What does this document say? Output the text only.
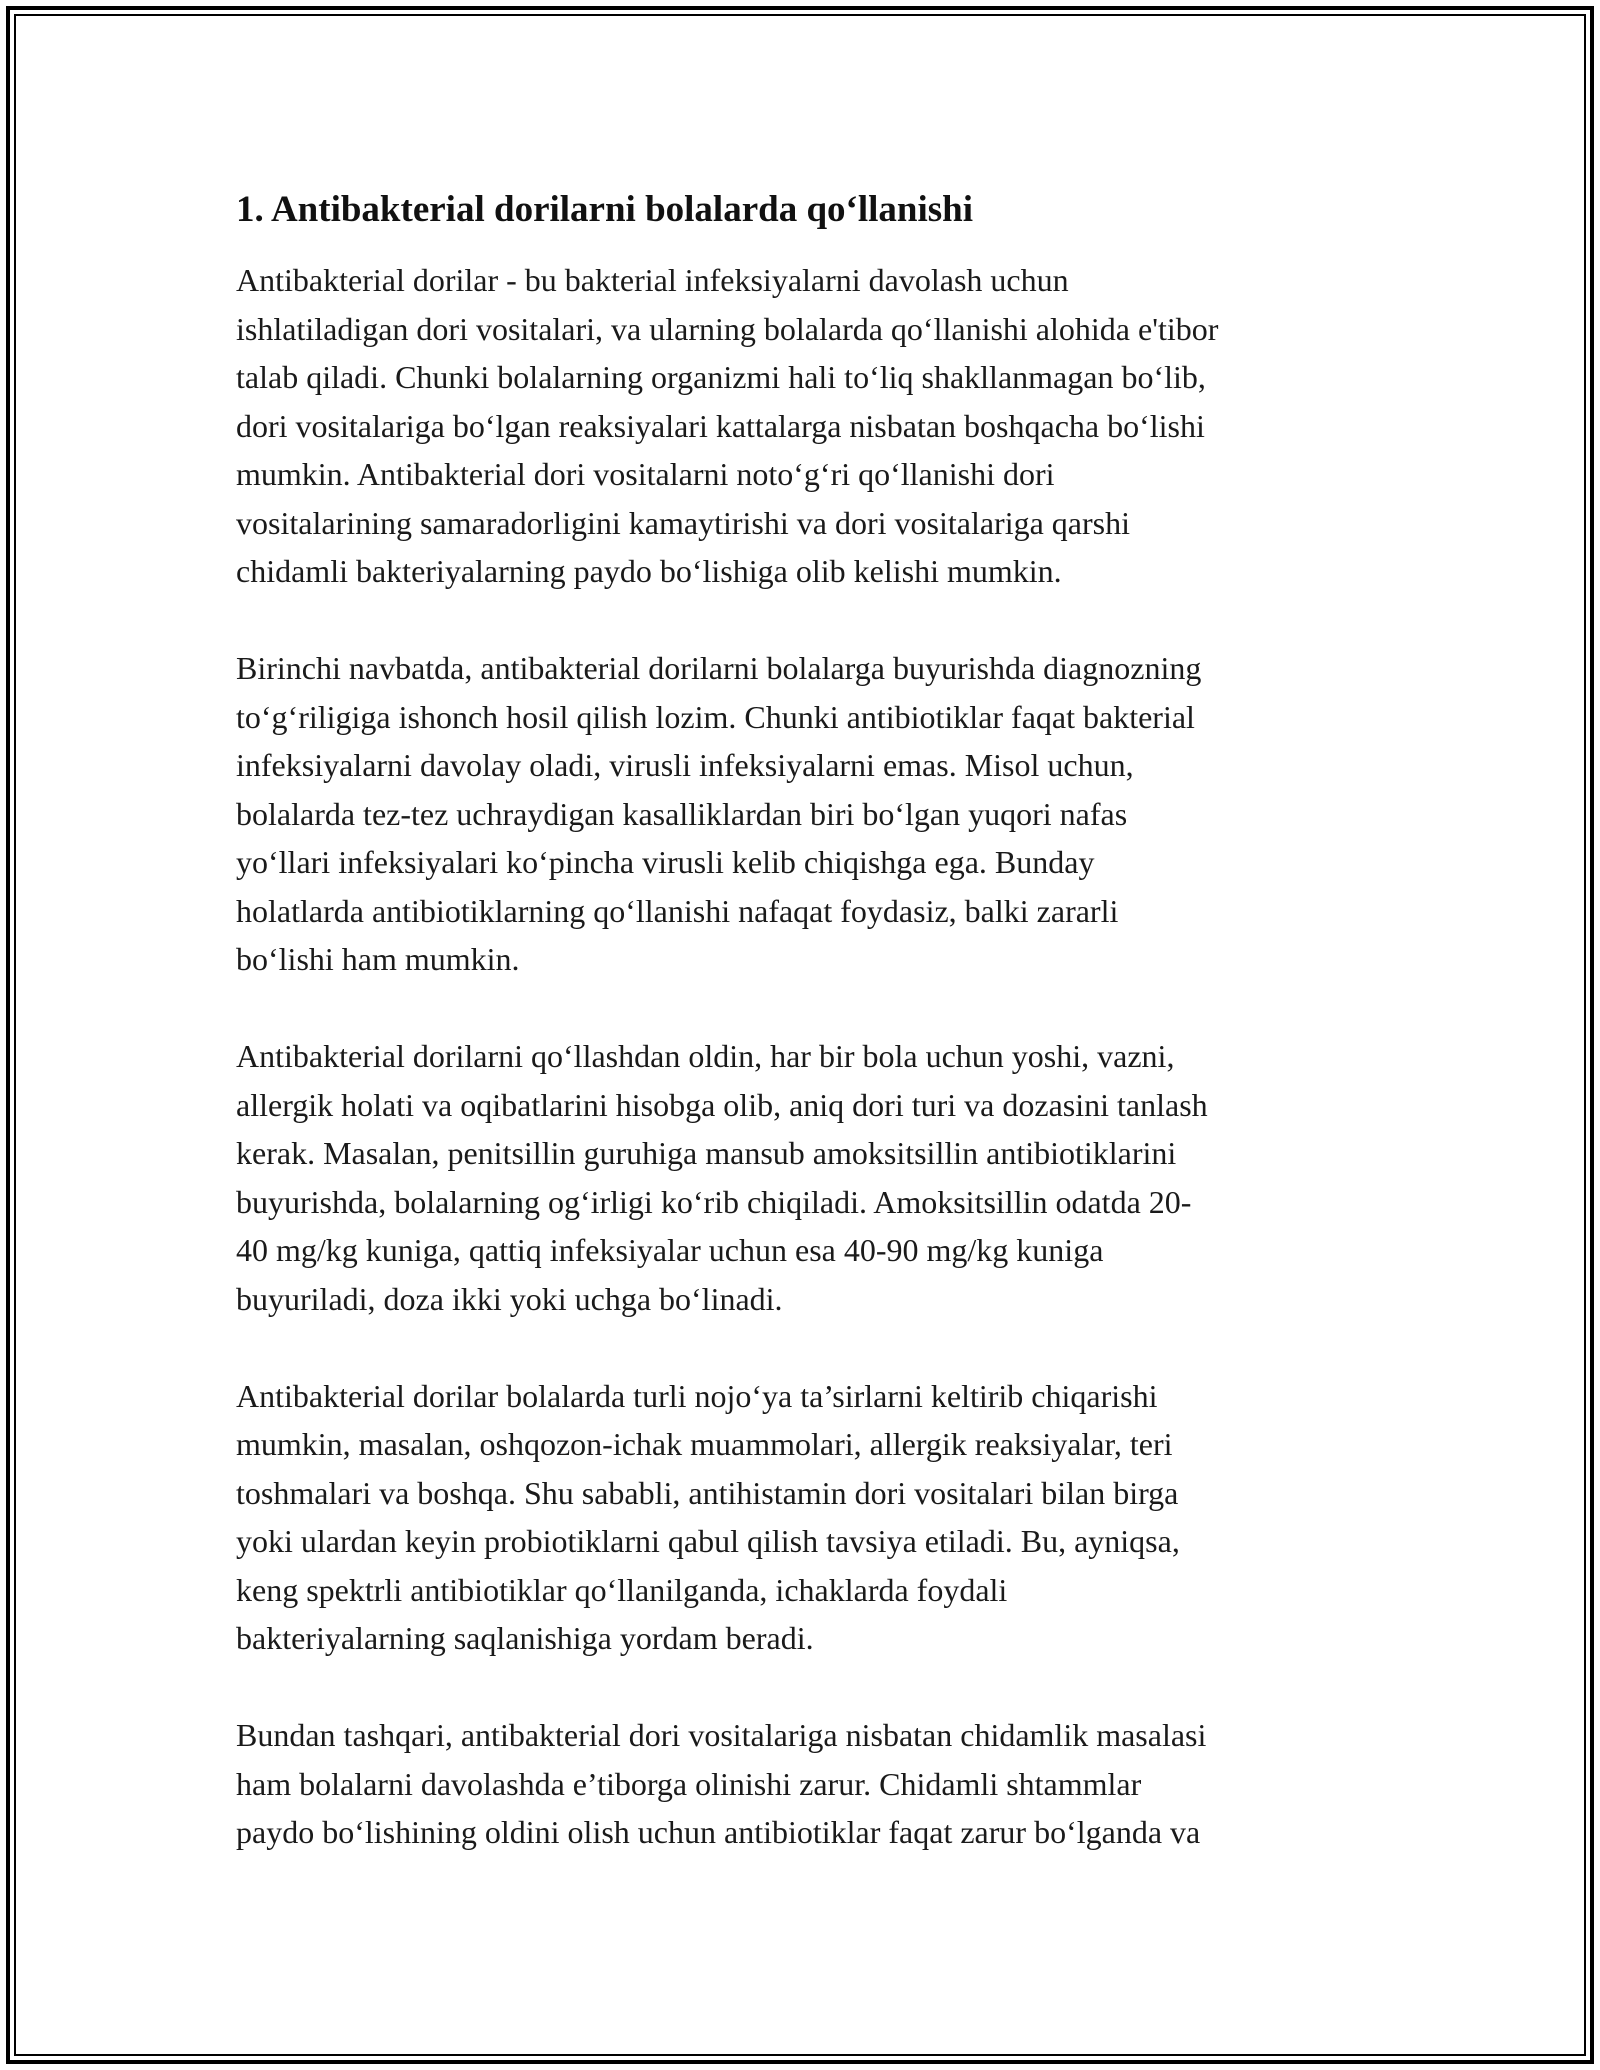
1. Antibakterial dorilarni bolalarda qo‘llanishi

Antibakterial dorilar - bu bakterial infeksiyalarni davolash uchun
ishlatiladigan dori vositalari, va ularning bolalarda qo‘llanishi alohida e'tibor
talab qiladi. Chunki bolalarning organizmi hali to‘liq shakllanmagan bo‘lib,
dori vositalariga bo‘lgan reaksiyalari kattalarga nisbatan boshqacha bo‘lishi
mumkin. Antibakterial dori vositalarni noto‘g‘ri qo‘llanishi dori
vositalarining samaradorligini kamaytirishi va dori vositalariga qarshi
chidamli bakteriyalarning paydo bo‘lishiga olib kelishi mumkin.

Birinchi navbatda, antibakterial dorilarni bolalarga buyurishda diagnozning
to‘g‘riligiga ishonch hosil qilish lozim. Chunki antibiotiklar faqat bakterial
infeksiyalarni davolay oladi, virusli infeksiyalarni emas. Misol uchun,
bolalarda tez-tez uchraydigan kasalliklardan biri bo‘lgan yuqori nafas
yo‘llari infeksiyalari ko‘pincha virusli kelib chiqishga ega. Bunday
holatlarda antibiotiklarning qo‘llanishi nafaqat foydasiz, balki zararli
bo‘lishi ham mumkin.

Antibakterial dorilarni qo‘llashdan oldin, har bir bola uchun yoshi, vazni,
allergik holati va oqibatlarini hisobga olib, aniq dori turi va dozasini tanlash
kerak. Masalan, penitsillin guruhiga mansub amoksitsillin antibiotiklarini
buyurishda, bolalarning og‘irligi ko‘rib chiqiladi. Amoksitsillin odatda 20-
40 mg/kg kuniga, qattiq infeksiyalar uchun esa 40-90 mg/kg kuniga
buyuriladi, doza ikki yoki uchga bo‘linadi.

Antibakterial dorilar bolalarda turli nojo‘ya ta’sirlarni keltirib chiqarishi
mumkin, masalan, oshqozon-ichak muammolari, allergik reaksiyalar, teri
toshmalari va boshqa. Shu sababli, antihistamin dori vositalari bilan birga
yoki ulardan keyin probiotiklarni qabul qilish tavsiya etiladi. Bu, ayniqsa,
keng spektrli antibiotiklar qo‘llanilganda, ichaklarda foydali
bakteriyalarning saqlanishiga yordam beradi.

Bundan tashqari, antibakterial dori vositalariga nisbatan chidamlik masalasi
ham bolalarni davolashda e’tiborga olinishi zarur. Chidamli shtammlar
paydo bo‘lishining oldini olish uchun antibiotiklar faqat zarur bo‘lganda va
